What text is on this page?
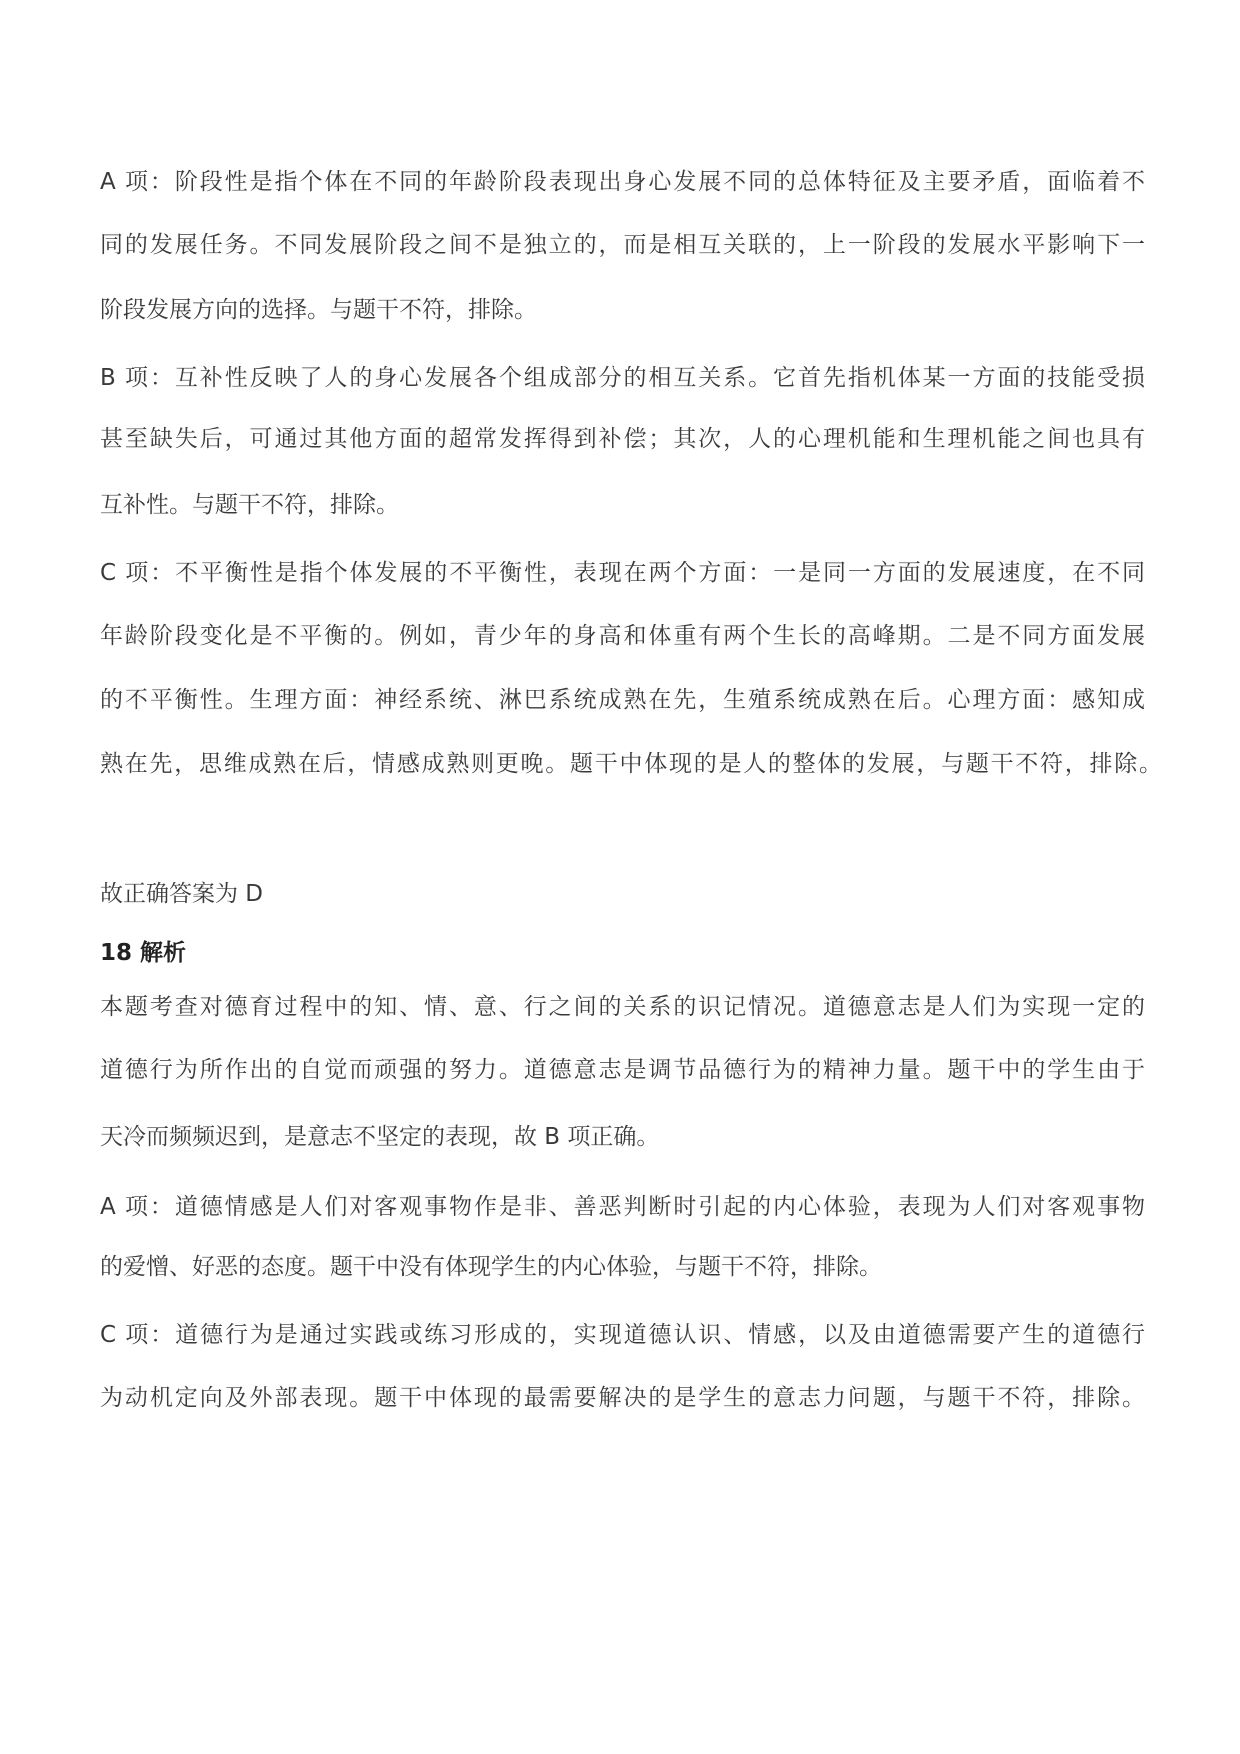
A 项：阶段性是指个体在不同的年龄阶段表现出身心发展不同的总体特征及主要矛盾，面临着不
同的发展任务。不同发展阶段之间不是独立的，而是相互关联的，上一阶段的发展水平影响下一
阶段发展方向的选择。与题干不符，排除。
B 项：互补性反映了人的身心发展各个组成部分的相互关系。它首先指机体某一方面的技能受损
甚至缺失后，可通过其他方面的超常发挥得到补偿；其次，人的心理机能和生理机能之间也具有
互补性。与题干不符，排除。
C 项：不平衡性是指个体发展的不平衡性，表现在两个方面：一是同一方面的发展速度，在不同
年龄阶段变化是不平衡的。例如，青少年的身高和体重有两个生长的高峰期。二是不同方面发展
的不平衡性。生理方面：神经系统、淋巴系统成熟在先，生殖系统成熟在后。心理方面：感知成
熟在先，思维成熟在后，情感成熟则更晚。题干中体现的是人的整体的发展，与题干不符，排除。
故正确答案为 D
18 解析
本题考查对德育过程中的知、情、意、行之间的关系的识记情况。道德意志是人们为实现一定的
道德行为所作出的自觉而顽强的努力。道德意志是调节品德行为的精神力量。题干中的学生由于
天冷而频频迟到，是意志不坚定的表现，故 B 项正确。
A 项：道德情感是人们对客观事物作是非、善恶判断时引起的内心体验，表现为人们对客观事物
的爱憎、好恶的态度。题干中没有体现学生的内心体验，与题干不符，排除。
C 项：道德行为是通过实践或练习形成的，实现道德认识、情感，以及由道德需要产生的道德行
为动机定向及外部表现。题干中体现的最需要解决的是学生的意志力问题，与题干不符，排除。
